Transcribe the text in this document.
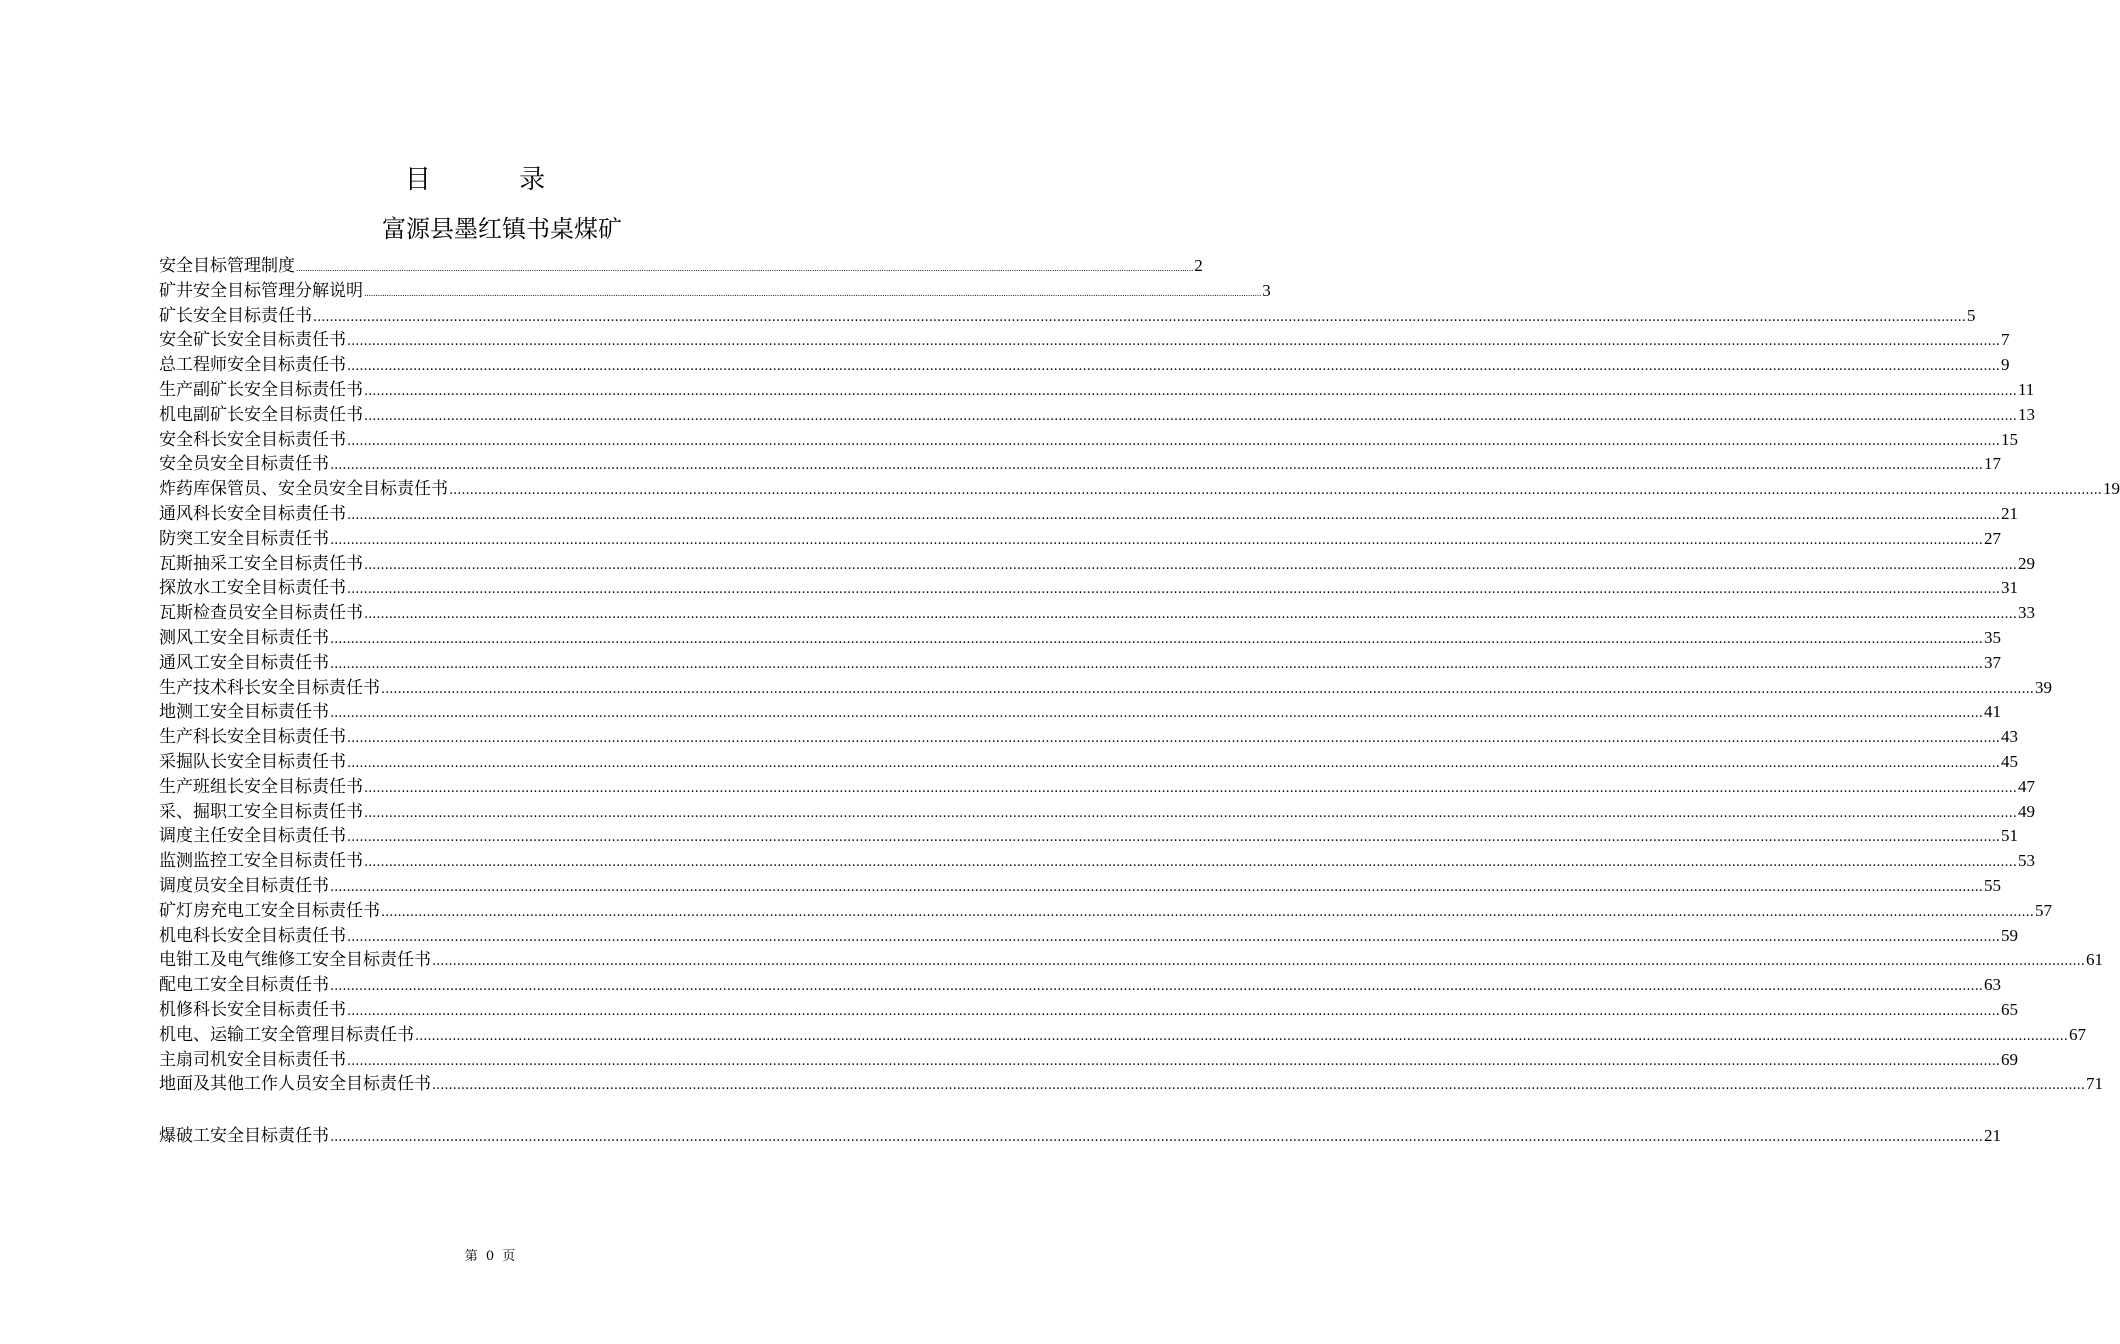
目 录
富源县墨红镇书桌煤矿
安全目标管理制度 ................................................................................................................................................................................................................................................................................................................................................................................................................ 2
矿井安全目标管理分解说明 ................................................................................................................................................................................................................................................................................................................................................................................................................ 3
矿长安全目标责任书 ................................................................................................................................................................................................................................................................................................................................................................................................................ 5
安全矿长安全目标责任书 ................................................................................................................................................................................................................................................................................................................................................................................................................ 7
总工程师安全目标责任书 ................................................................................................................................................................................................................................................................................................................................................................................................................ 9
生产副矿长安全目标责任书 ................................................................................................................................................................................................................................................................................................................................................................................................................ 11
机电副矿长安全目标责任书 ................................................................................................................................................................................................................................................................................................................................................................................................................ 13
安全科长安全目标责任书 ................................................................................................................................................................................................................................................................................................................................................................................................................ 15
安全员安全目标责任书 ................................................................................................................................................................................................................................................................................................................................................................................................................ 17
炸药库保管员、安全员安全目标责任书 ................................................................................................................................................................................................................................................................................................................................................................................................................ 19
通风科长安全目标责任书 ................................................................................................................................................................................................................................................................................................................................................................................................................ 21
防突工安全目标责任书 ................................................................................................................................................................................................................................................................................................................................................................................................................ 27
瓦斯抽采工安全目标责任书 ................................................................................................................................................................................................................................................................................................................................................................................................................ 29
探放水工安全目标责任书 ................................................................................................................................................................................................................................................................................................................................................................................................................ 31
瓦斯检查员安全目标责任书 ................................................................................................................................................................................................................................................................................................................................................................................................................ 33
测风工安全目标责任书 ................................................................................................................................................................................................................................................................................................................................................................................................................ 35
通风工安全目标责任书 ................................................................................................................................................................................................................................................................................................................................................................................................................ 37
生产技术科长安全目标责任书 ................................................................................................................................................................................................................................................................................................................................................................................................................ 39
地测工安全目标责任书 ................................................................................................................................................................................................................................................................................................................................................................................................................ 41
生产科长安全目标责任书 ................................................................................................................................................................................................................................................................................................................................................................................................................ 43
采掘队长安全目标责任书 ................................................................................................................................................................................................................................................................................................................................................................................................................ 45
生产班组长安全目标责任书 ................................................................................................................................................................................................................................................................................................................................................................................................................ 47
采、掘职工安全目标责任书 ................................................................................................................................................................................................................................................................................................................................................................................................................ 49
调度主任安全目标责任书 ................................................................................................................................................................................................................................................................................................................................................................................................................ 51
监测监控工安全目标责任书 ................................................................................................................................................................................................................................................................................................................................................................................................................ 53
调度员安全目标责任书 ................................................................................................................................................................................................................................................................................................................................................................................................................ 55
矿灯房充电工安全目标责任书 ................................................................................................................................................................................................................................................................................................................................................................................................................ 57
机电科长安全目标责任书 ................................................................................................................................................................................................................................................................................................................................................................................................................ 59
电钳工及电气维修工安全目标责任书 ................................................................................................................................................................................................................................................................................................................................................................................................................ 61
配电工安全目标责任书 ................................................................................................................................................................................................................................................................................................................................................................................................................ 63
机修科长安全目标责任书 ................................................................................................................................................................................................................................................................................................................................................................................................................ 65
机电、运输工安全管理目标责任书 ................................................................................................................................................................................................................................................................................................................................................................................................................ 67
主扇司机安全目标责任书 ................................................................................................................................................................................................................................................................................................................................................................................................................ 69
地面及其他工作人员安全目标责任书 ................................................................................................................................................................................................................................................................................................................................................................................................................ 71
爆破工安全目标责任书 ................................................................................................................................................................................................................................................................................................................................................................................................................ 21
第 0 页
